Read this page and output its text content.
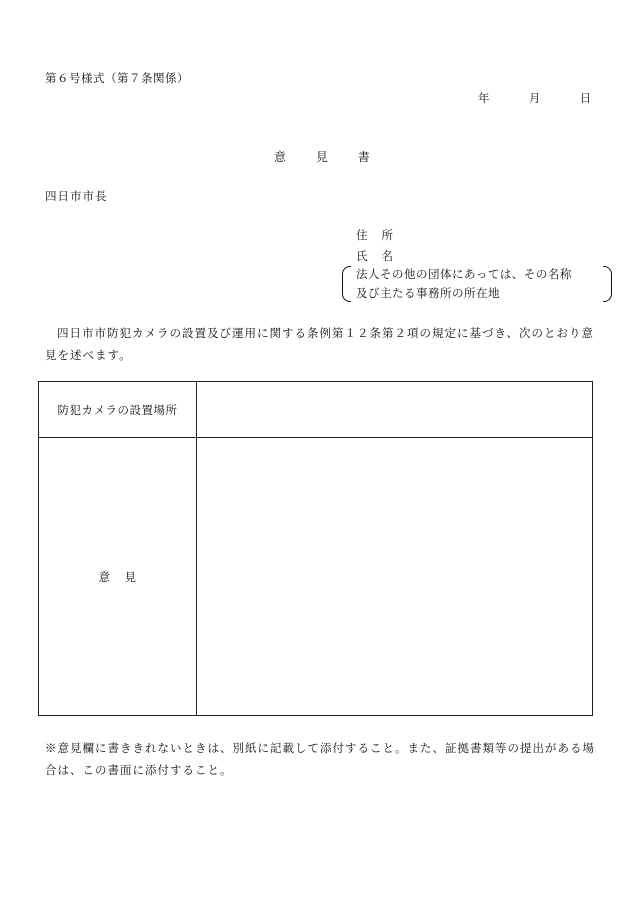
第６号様式（第７条関係）
年	月	日
意 見 書
四日市市長
住 所
氏 名
法人その他の団体にあっては、その名称
及び主たる事務所の所在地
四日市市防犯カメラの設置及び運用に関する条例第１２条第２項の規定に基づき、次のとおり意見を述べます。
防犯カメラの設置場所	
意 見	
※意見欄に書ききれないときは、別紙に記載して添付すること。また、証拠書類等の提出がある場合は、この書面に添付すること。
